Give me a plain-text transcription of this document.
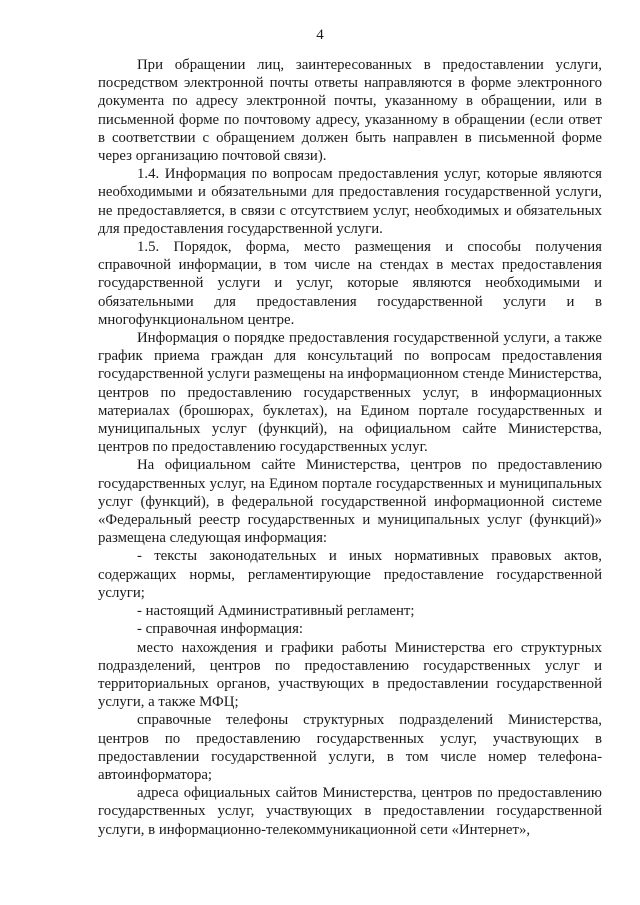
4

При обращении лиц, заинтересованных в предоставлении услуги, посредством электронной почты ответы направляются в форме электронного документа по адресу электронной почты, указанному в обращении, или в письменной форме по почтовому адресу, указанному в обращении (если ответ в соответствии с обращением должен быть направлен в письменной форме через организацию почтовой связи).

1.4. Информация по вопросам предоставления услуг, которые являются необходимыми и обязательными для предоставления государственной услуги, не предоставляется, в связи с отсутствием услуг, необходимых и обязательных для предоставления государственной услуги.

1.5. Порядок, форма, место размещения и способы получения справочной информации, в том числе на стендах в местах предоставления государственной услуги и услуг, которые являются необходимыми и обязательными для предоставления государственной услуги и в многофункциональном центре.

Информация о порядке предоставления государственной услуги, а также график приема граждан для консультаций по вопросам предоставления государственной услуги размещены на информационном стенде Министерства, центров по предоставлению государственных услуг, в информационных материалах (брошюрах, буклетах), на Едином портале государственных и муниципальных услуг (функций), на официальном сайте Министерства, центров по предоставлению государственных услуг.

На официальном сайте Министерства, центров по предоставлению государственных услуг, на Едином портале государственных и муниципальных услуг (функций), в федеральной государственной информационной системе «Федеральный реестр государственных и муниципальных услуг (функций)» размещена следующая информация:

- тексты законодательных и иных нормативных правовых актов, содержащих нормы, регламентирующие предоставление государственной услуги;

- настоящий Административный регламент;

- справочная информация:

место нахождения и графики работы Министерства его структурных подразделений, центров по предоставлению государственных услуг и территориальных органов, участвующих в предоставлении государственной услуги, а также МФЦ;

справочные телефоны структурных подразделений Министерства, центров по предоставлению государственных услуг, участвующих в предоставлении государственной услуги, в том числе номер телефона-автоинформатора;

адреса официальных сайтов Министерства, центров по предоставлению государственных услуг, участвующих в предоставлении государственной услуги, в информационно-телекоммуникационной сети «Интернет»,
